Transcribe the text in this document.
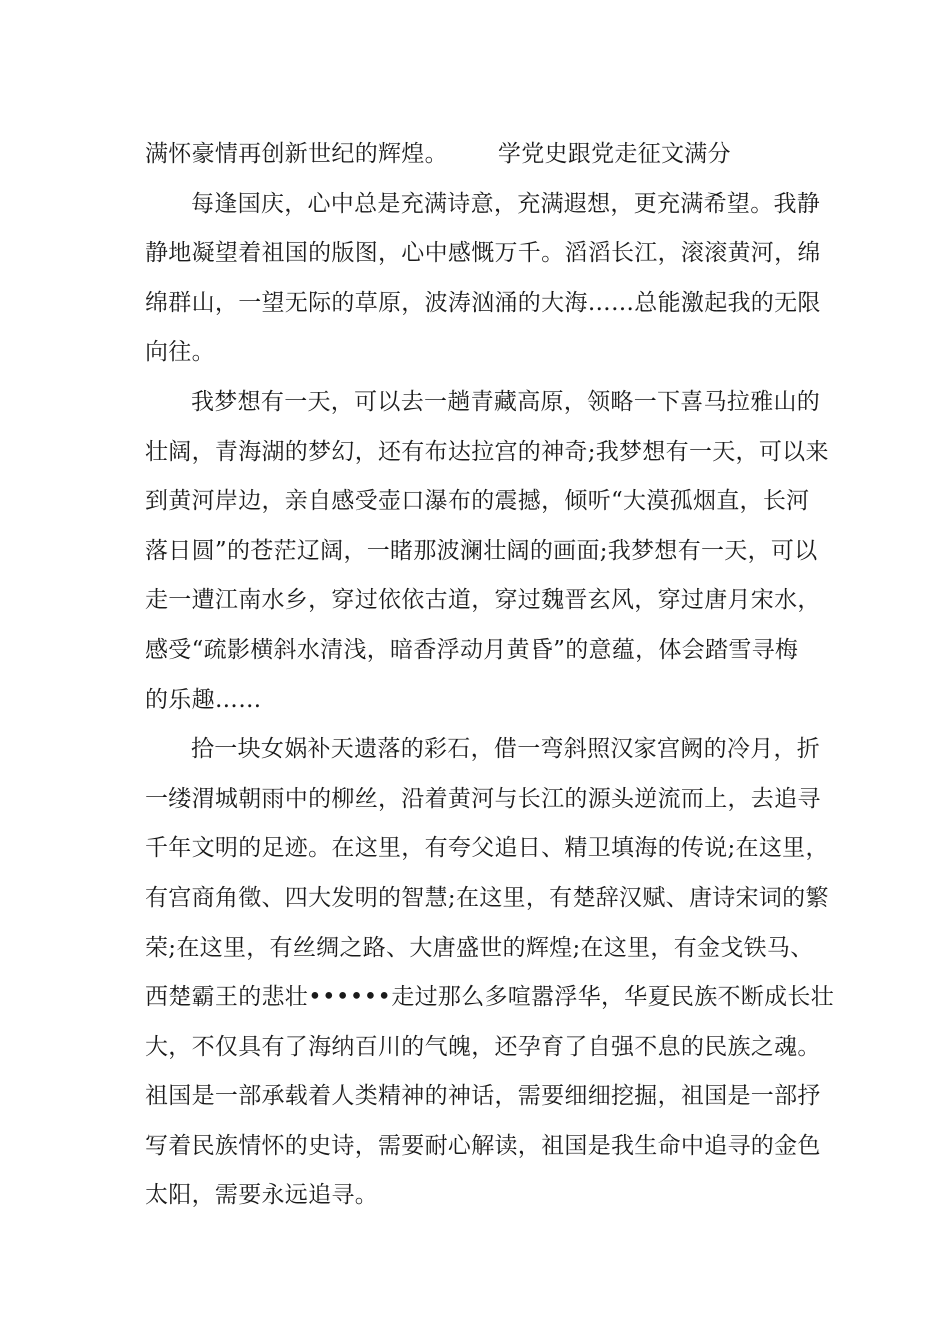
满怀豪情再创新世纪的辉煌。 学党史跟党走征文满分

每逢国庆，心中总是充满诗意，充满遐想，更充满希望。我静
静地凝望着祖国的版图，心中感慨万千。滔滔长江，滚滚黄河，绵
绵群山，一望无际的草原，波涛汹涌的大海……总能激起我的无限
向往。

我梦想有一天，可以去一趟青藏高原，领略一下喜马拉雅山的
壮阔，青海湖的梦幻，还有布达拉宫的神奇;我梦想有一天，可以来
到黄河岸边，亲自感受壶口瀑布的震撼，倾听“大漠孤烟直，长河
落日圆”的苍茫辽阔，一睹那波澜壮阔的画面;我梦想有一天，可以
走一遭江南水乡，穿过依依古道，穿过魏晋玄风，穿过唐月宋水，
感受“疏影横斜水清浅，暗香浮动月黄昏”的意蕴，体会踏雪寻梅
的乐趣……

拾一块女娲补天遗落的彩石，借一弯斜照汉家宫阙的冷月，折
一缕渭城朝雨中的柳丝，沿着黄河与长江的源头逆流而上，去追寻
千年文明的足迹。在这里，有夸父追日、精卫填海的传说;在这里，
有宫商角徵、四大发明的智慧;在这里，有楚辞汉赋、唐诗宋词的繁
荣;在这里，有丝绸之路、大唐盛世的辉煌;在这里，有金戈铁马、
西楚霸王的悲壮••••••走过那么多喧嚣浮华，华夏民族不断成长壮
大，不仅具有了海纳百川的气魄，还孕育了自强不息的民族之魂。
祖国是一部承载着人类精神的神话，需要细细挖掘，祖国是一部抒
写着民族情怀的史诗，需要耐心解读，祖国是我生命中追寻的金色
太阳，需要永远追寻。
